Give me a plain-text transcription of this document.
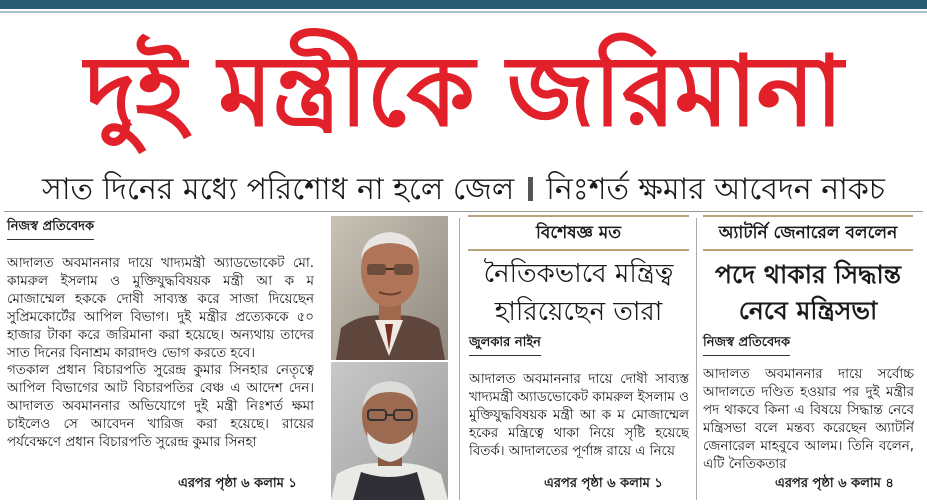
দুই মন্ত্রীকে জরিমানা
সাত দিনের মধ্যে পরিশোধ না হলে জেল নিঃশর্ত ক্ষমার আবেদন নাকচ
নিজস্ব প্রতিবেদক

আদালত অবমাননার দায়ে খাদ্যমন্ত্রী অ্যাডভোকেট মো. কামরুল ইসলাম ও মুক্তিযুদ্ধবিষয়ক মন্ত্রী আ ক ম মোজাম্মেল হককে দোষী সাব্যস্ত করে সাজা দিয়েছেন সুপ্রিমকোর্টের আপিল বিভাগ। দুই মন্ত্রীর প্রত্যেককে ৫০ হাজার টাকা করে জরিমানা করা হয়েছে। অন্যথায় তাদের সাত দিনের বিনাশ্রম কারাদণ্ড ভোগ করতে হবে।

গতকাল প্রধান বিচারপতি সুরেন্দ্র কুমার সিনহার নেতৃত্বে আপিল বিভাগের আট বিচারপতির বেঞ্চ এ আদেশ দেন। আদালত অবমাননার অভিযোগে দুই মন্ত্রী নিঃশর্ত ক্ষমা চাইলেও সে আবেদন খারিজ করা হয়েছে। রায়ের পর্যবেক্ষণে প্রধান বিচারপতি সুরেন্দ্র কুমার সিনহা

এরপর পৃষ্ঠা ৬ কলাম ১
বিশেষজ্ঞ মত
নৈতিকভাবে মন্ত্রিত্ব
হারিয়েছেন তারা
জুলকার নাইন
আদালত অবমাননার দায়ে দোষী সাব্যস্ত খাদ্যমন্ত্রী অ্যাডভোকেট কামরুল ইসলাম ও মুক্তিযুদ্ধবিষয়ক মন্ত্রী আ ক ম মোজাম্মেল হকের মন্ত্রিত্বে থাকা নিয়ে সৃষ্টি হয়েছে বিতর্ক। আদালতের পূর্ণাঙ্গ রায়ে এ নিয়ে
এরপর পৃষ্ঠা ৬ কলাম ১
অ্যাটর্নি জেনারেল বললেন
পদে থাকার সিদ্ধান্ত
নেবে মন্ত্রিসভা
নিজস্ব প্রতিবেদক
আদালত অবমাননার দায়ে সর্বোচ্চ আদালতে দণ্ডিত হওয়ার পর দুই মন্ত্রীর পদ থাকবে কিনা এ বিষয়ে সিদ্ধান্ত নেবে মন্ত্রিসভা বলে মন্তব্য করেছেন অ্যাটর্নি জেনারেল মাহবুবে আলম। তিনি বলেন, এটি নৈতিকতার
এরপর পৃষ্ঠা ৬ কলাম ৪
